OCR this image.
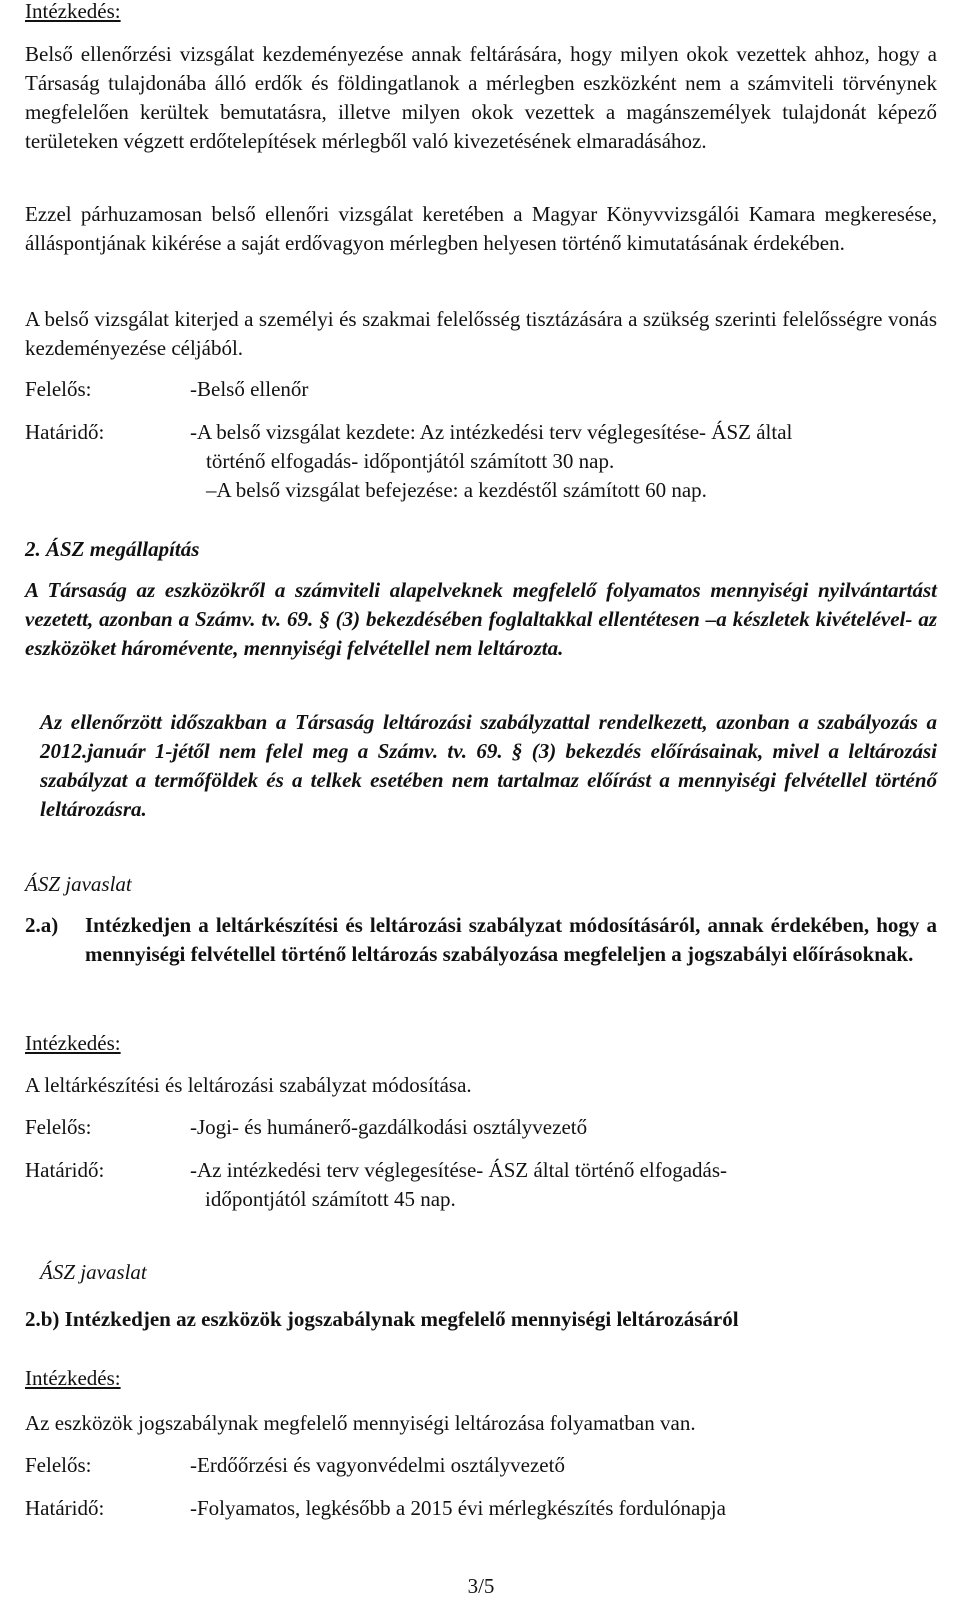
Intézkedés:

Belső ellenőrzési vizsgálat kezdeményezése annak feltárására, hogy milyen okok vezettek ahhoz, hogy a Társaság tulajdonába álló erdők és földingatlanok a mérlegben eszközként nem a számviteli törvénynek megfelelően kerültek bemutatásra, illetve milyen okok vezettek a magánszemélyek tulajdonát képező területeken végzett erdőtelepítések mérlegből való kivezetésének elmaradásához.

Ezzel párhuzamosan belső ellenőri vizsgálat keretében a Magyar Könyvvizsgálói Kamara megkeresése, álláspontjának kikérése a saját erdővagyon mérlegben helyesen történő kimutatásának érdekében.

A belső vizsgálat kiterjed a személyi és szakmai felelősség tisztázására a szükség szerinti felelősségre vonás kezdeményezése céljából.

Felelős:	-Belső ellenőr
Határidő:	-A belső vizsgálat kezdete: Az intézkedési terv véglegesítése- ÁSZ által
történő elfogadás- időpontjától számított 30 nap.
–A belső vizsgálat befejezése: a kezdéstől számított 60 nap.
2. ÁSZ megállapítás

A Társaság az eszközökről a számviteli alapelveknek megfelelő folyamatos mennyiségi nyilvántartást vezetett, azonban a Számv. tv. 69. § (3) bekezdésében foglaltakkal ellentétesen –a készletek kivételével- az eszközöket háromévente, mennyiségi felvétellel nem leltározta.

Az ellenőrzött időszakban a Társaság leltározási szabályzattal rendelkezett, azonban a szabályozás a 2012.január 1-jétől nem felel meg a Számv. tv. 69. § (3) bekezdés előírásainak, mivel a leltározási szabályzat a termőföldek és a telkek esetében nem tartalmaz előírást a mennyiségi felvétellel történő leltározásra.

ÁSZ javaslat
2.a) Intézkedjen a leltárkészítési és leltározási szabályzat módosításáról, annak érdekében, hogy a mennyiségi felvétellel történő leltározás szabályozása megfeleljen a jogszabályi előírásoknak.

Intézkedés:
A leltárkészítési és leltározási szabályzat módosítása.
Felelős:	-Jogi- és humánerő-gazdálkodási osztályvezető
Határidő:	-Az intézkedési terv véglegesítése- ÁSZ által történő elfogadás-
időpontjától számított 45 nap.
ÁSZ javaslat
2.b) Intézkedjen az eszközök jogszabálynak megfelelő mennyiségi leltározásáról
Intézkedés:
Az eszközök jogszabálynak megfelelő mennyiségi leltározása folyamatban van.
Felelős:	-Erdőőrzési és vagyonvédelmi osztályvezető
Határidő:	-Folyamatos, legkésőbb a 2015 évi mérlegkészítés fordulónapja
3/5
